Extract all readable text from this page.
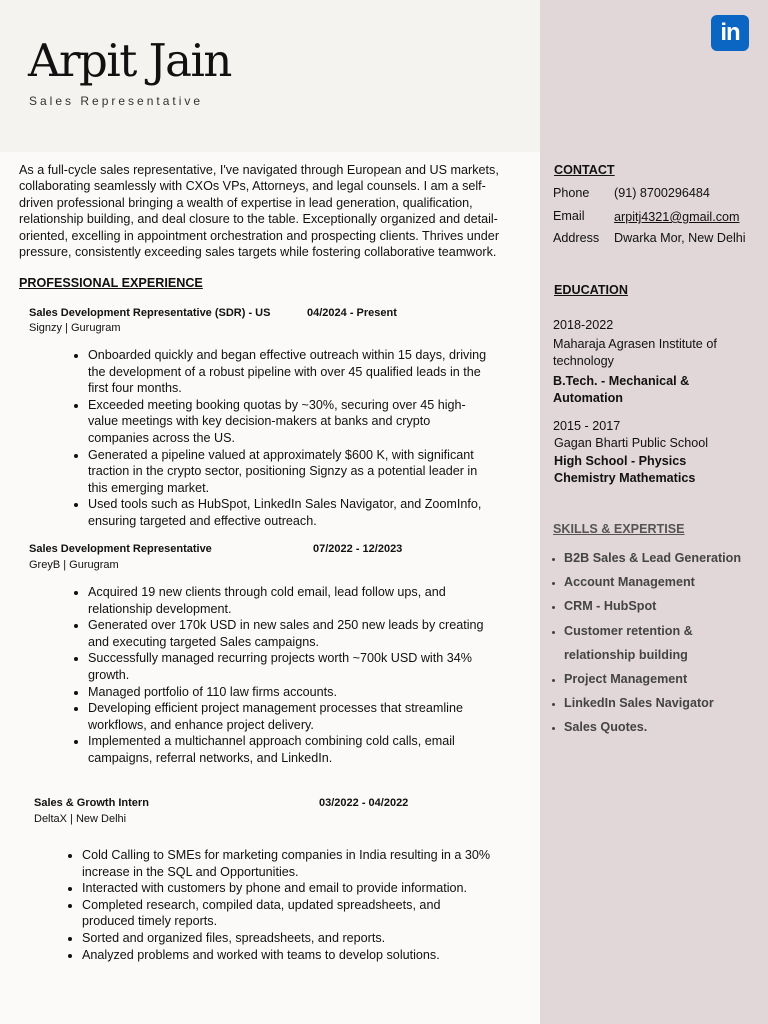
Arpit Jain
Sales Representative
in
As a full-cycle sales representative, I've navigated through European and US markets, collaborating seamlessly with CXOs VPs, Attorneys, and legal counsels. I am a self-driven professional bringing a wealth of expertise in lead generation, qualification, relationship building, and deal closure to the table. Exceptionally organized and detail-oriented, excelling in appointment orchestration and prospecting clients. Thrives under pressure, consistently exceeding sales targets while fostering collaborative teamwork.
PROFESSIONAL EXPERIENCE
Sales Development Representative (SDR) - US	04/2024 - Present
Signzy | Gurugram
• Onboarded quickly and began effective outreach within 15 days, driving the development of a robust pipeline with over 45 qualified leads in the first four months.
• Exceeded meeting booking quotas by ~30%, securing over 45 high-value meetings with key decision-makers at banks and crypto companies across the US.
• Generated a pipeline valued at approximately $600 K, with significant traction in the crypto sector, positioning Signzy as a potential leader in this emerging market.
• Used tools such as HubSpot, LinkedIn Sales Navigator, and ZoomInfo, ensuring targeted and effective outreach.
Sales Development Representative	07/2022 - 12/2023
GreyB | Gurugram
• Acquired 19 new clients through cold email, lead follow ups, and relationship development.
• Generated over 170k USD in new sales and 250 new leads by creating and executing targeted Sales campaigns.
• Successfully managed recurring projects worth ~700k USD with 34% growth.
• Managed portfolio of 110 law firms accounts.
• Developing efficient project management processes that streamline workflows, and enhance project delivery.
• Implemented a multichannel approach combining cold calls, email campaigns, referral networks, and LinkedIn.
Sales & Growth Intern	03/2022 - 04/2022
DeltaX | New Delhi
• Cold Calling to SMEs for marketing companies in India resulting in a 30% increase in the SQL and Opportunities.
• Interacted with customers by phone and email to provide information.
• Completed research, compiled data, updated spreadsheets, and produced timely reports.
• Sorted and organized files, spreadsheets, and reports.
• Analyzed problems and worked with teams to develop solutions.
CONTACT
Phone (91) 8700296484
Email arpitj4321@gmail.com
Address Dwarka Mor, New Delhi
EDUCATION
2018-2022
Maharaja Agrasen Institute of technology
B.Tech. - Mechanical & Automation
2015 - 2017
Gagan Bharti Public School
High School - Physics Chemistry Mathematics
SKILLS & EXPERTISE
• B2B Sales & Lead Generation
• Account Management
• CRM - HubSpot
• Customer retention & relationship building
• Project Management
• LinkedIn Sales Navigator
• Sales Quotes.
